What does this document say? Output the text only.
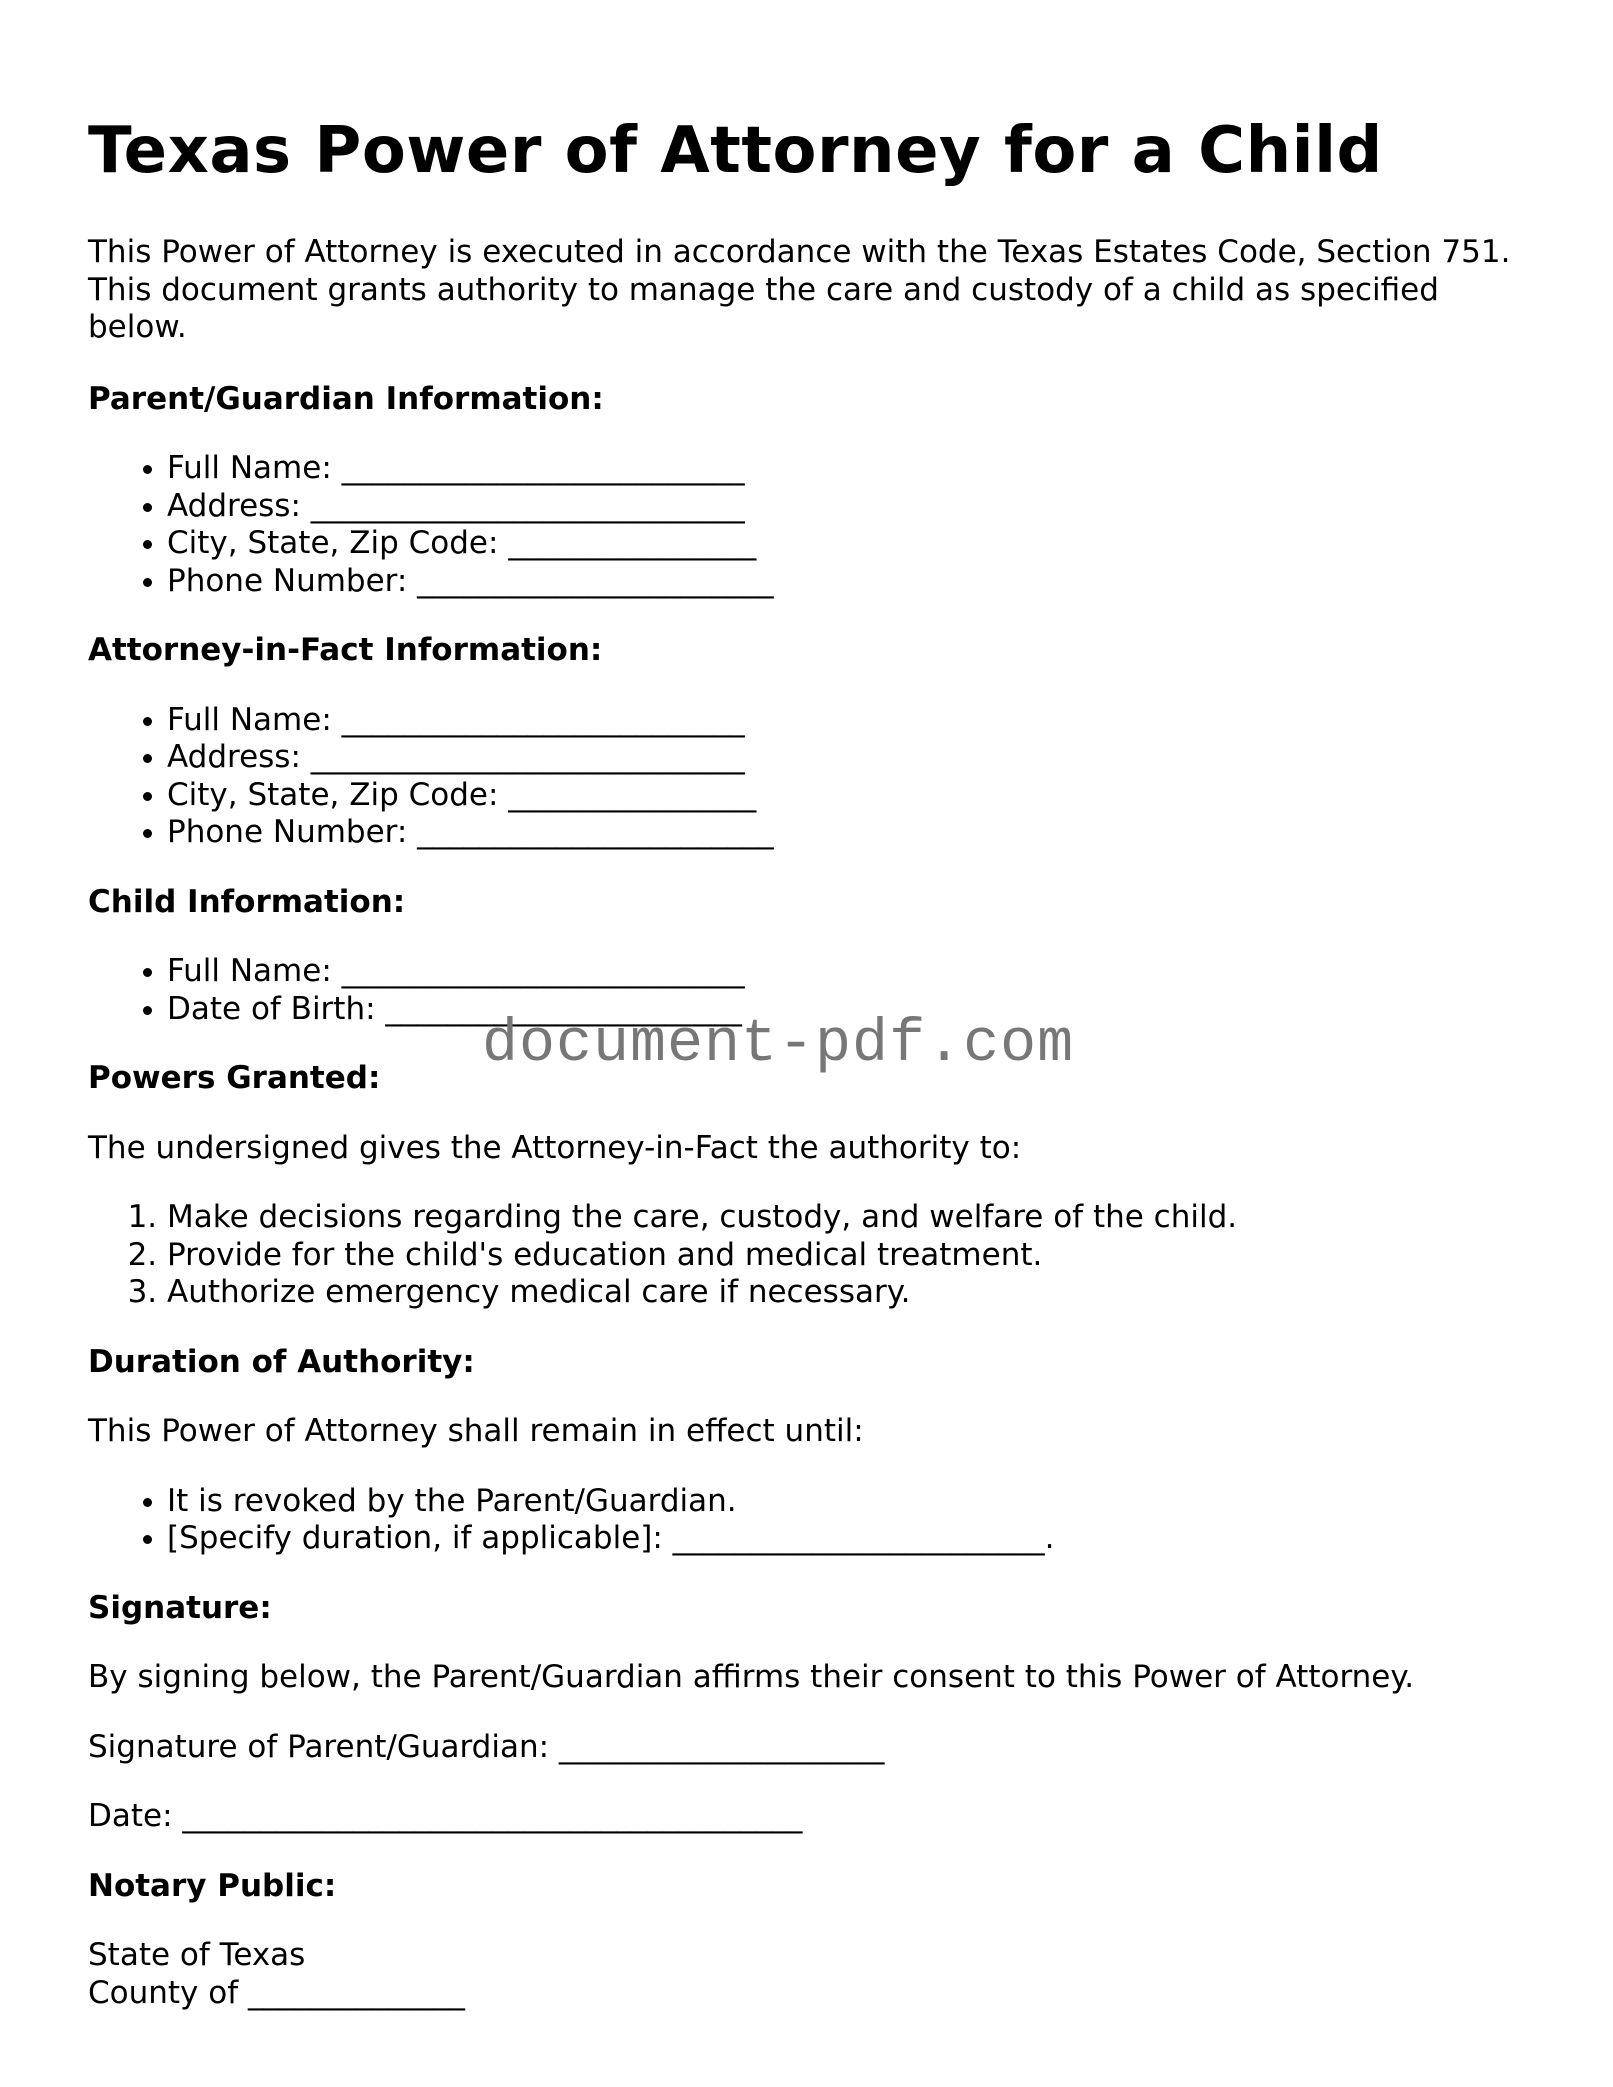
Texas Power of Attorney for a Child

This Power of Attorney is executed in accordance with the Texas Estates Code, Section 751. This document grants authority to manage the care and custody of a child as specified below.

Parent/Guardian Information:
• Full Name: __________________________
• Address: ____________________________
• City, State, Zip Code: ________________
• Phone Number: _______________________
Attorney-in-Fact Information:
• Full Name: __________________________
• Address: ____________________________
• City, State, Zip Code: ________________
• Phone Number: _______________________
Child Information:
• Full Name: __________________________
• Date of Birth: _______________________
Powers Granted:

The undersigned gives the Attorney-in-Fact the authority to:

1. Make decisions regarding the care, custody, and welfare of the child.
2. Provide for the child's education and medical treatment.
3. Authorize emergency medical care if necessary.
Duration of Authority:

This Power of Attorney shall remain in effect until:

• It is revoked by the Parent/Guardian.
• [Specify duration, if applicable]: ________________________.
Signature:

By signing below, the Parent/Guardian affirms their consent to this Power of Attorney.

Signature of Parent/Guardian: _____________________

Date: ________________________________________

Notary Public:

State of Texas

County of ______________

document-pdf.com
